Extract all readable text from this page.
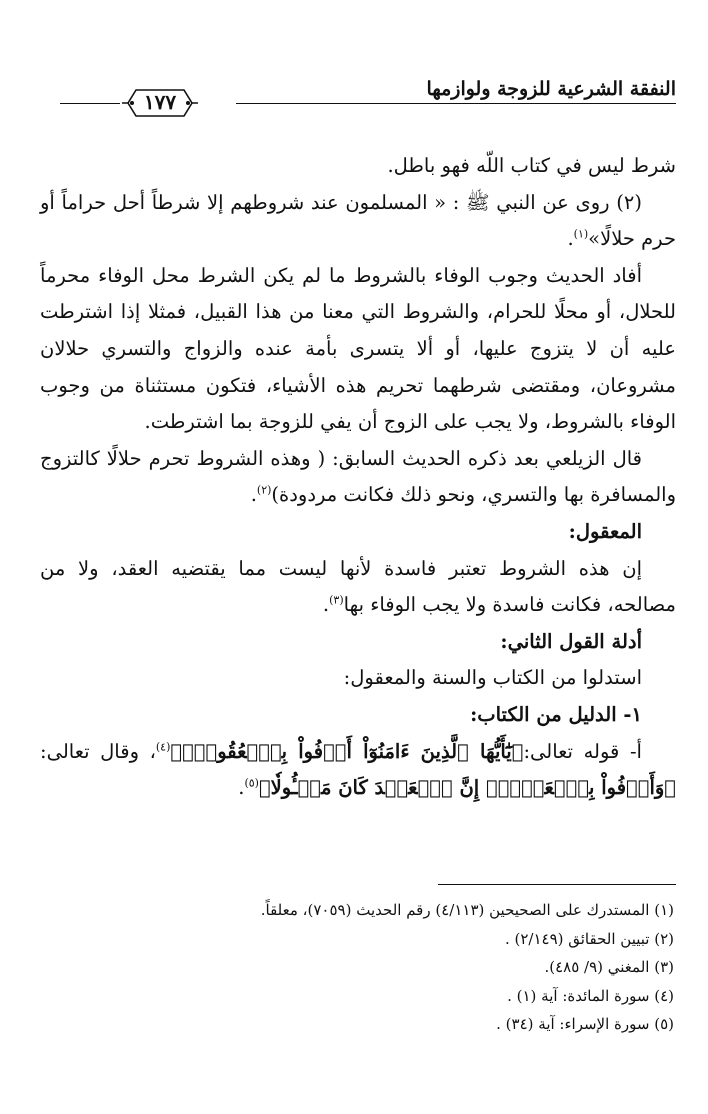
النفقة الشرعية للزوجة ولوازمها
١٧٧

شرط ليس في كتاب اللّه فهو باطل.

(٢) روى عن النبي ﷺ : « المسلمون عند شروطهم إلا شرطاً أحل حراماً أو حرم حلالًا»$^{(١)}$.

أفاد الحديث وجوب الوفاء بالشروط ما لم يكن الشرط محل الوفاء محرماً للحلال، أو محلًا للحرام، والشروط التي معنا من هذا القبيل، فمثلا إذا اشترطت عليه أن لا يتزوج عليها، أو ألا يتسرى بأمة عنده والزواج والتسري حلالان مشروعان، ومقتضى شرطهما تحريم هذه الأشياء، فتكون مستثناة من وجوب الوفاء بالشروط، ولا يجب على الزوج أن يفي للزوجة بما اشترطت.

قال الزيلعي بعد ذكره الحديث السابق: ( وهذه الشروط تحرم حلالًا كالتزوج والمسافرة بها والتسري، ونحو ذلك فكانت مردودة)$^{(٢)}$.

المعقول:

إن هذه الشروط تعتبر فاسدة لأنها ليست مما يقتضيه العقد، ولا من مصالحه، فكانت فاسدة ولا يجب الوفاء بها$^{(٣)}$.

أدلة القول الثاني:

استدلوا من الكتاب والسنة والمعقول:

١- الدليل من الكتاب:

أ- قوله تعالى:﴿يَٰٓأَيُّهَا ٱلَّذِينَ ءَامَنُوٓاْ أَوۡفُواْ بِٱلۡعُقُودِۚ﴾$^{(٤)}$، وقال تعالى:﴿وَأَوۡفُواْ بِٱلۡعَهۡدِۖ إِنَّ ٱلۡعَهۡدَ كَانَ مَسۡـُٔولٗا﴾$^{(٥)}$.

(١) المستدرك على الصحيحين (٤/١١٣) رقم الحديث (٧٠٥٩)، معلقاً.

(٢) تبيين الحقائق (٢/١٤٩) .

(٣) المغني (٩/ ٤٨٥).

(٤) سورة المائدة: آية (١) .

(٥) سورة الإسراء: آية (٣٤) .
